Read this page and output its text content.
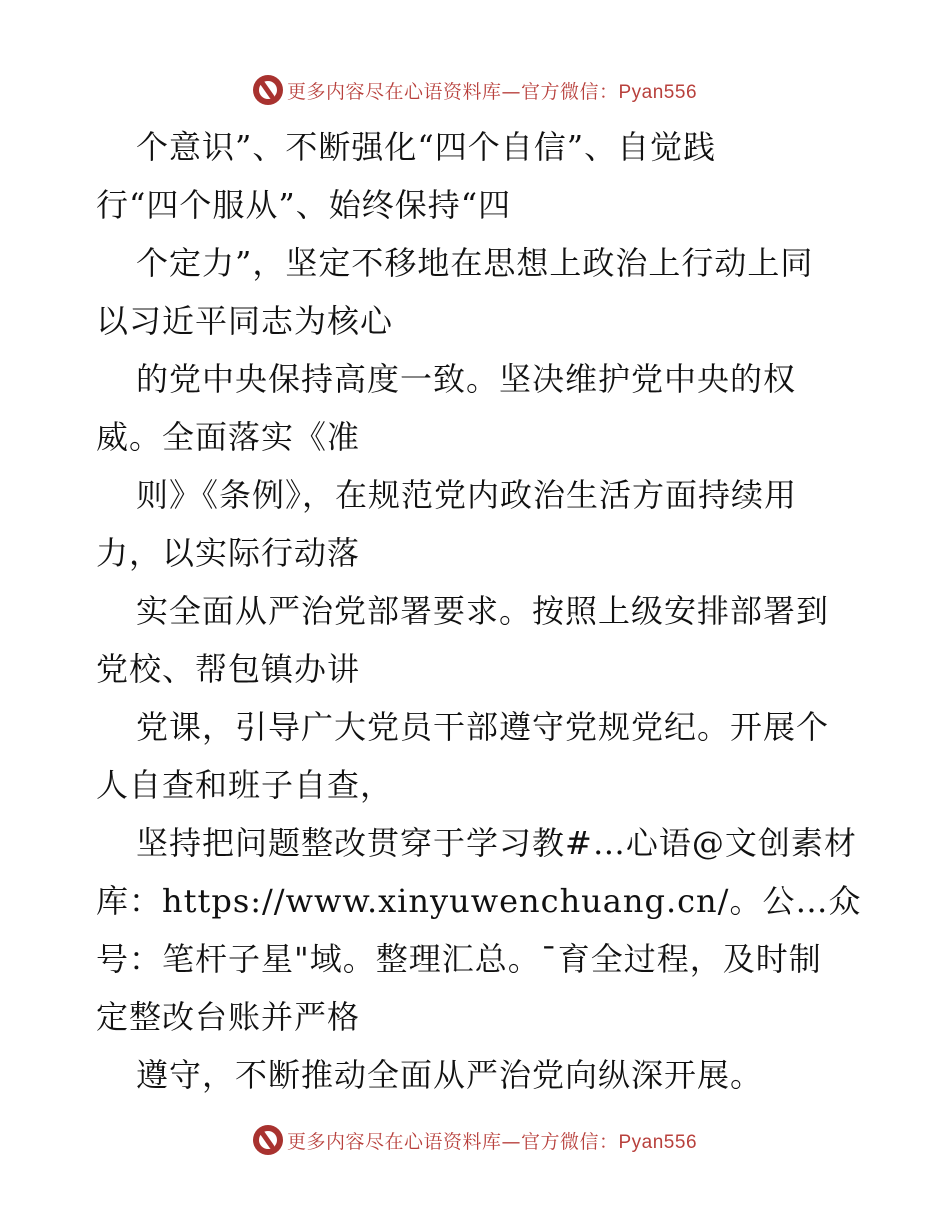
更多内容尽在心语资料库—官方微信：Pyan556
个意识”、不断强化“四个自信”、自觉践
行“四个服从”、始终保持“四
个定力”，坚定不移地在思想上政治上行动上同
以习近平同志为核心
的党中央保持高度一致。坚决维护党中央的权
威。全面落实《准
则》《条例》，在规范党内政治生活方面持续用
力，以实际行动落
实全面从严治党部署要求。按照上级安排部署到
党校、帮包镇办讲
党课，引导广大党员干部遵守党规党纪。开展个
人自查和班子自查，
坚持把问题整改贯穿于学习教#…心语@文创素材
库：https://www.xinyuwenchuang.cn/。公…众
号：笔杆子星"域。整理汇总。¯育全过程，及时制
定整改台账并严格
遵守，不断推动全面从严治党向纵深开展。
更多内容尽在心语资料库—官方微信：Pyan556
